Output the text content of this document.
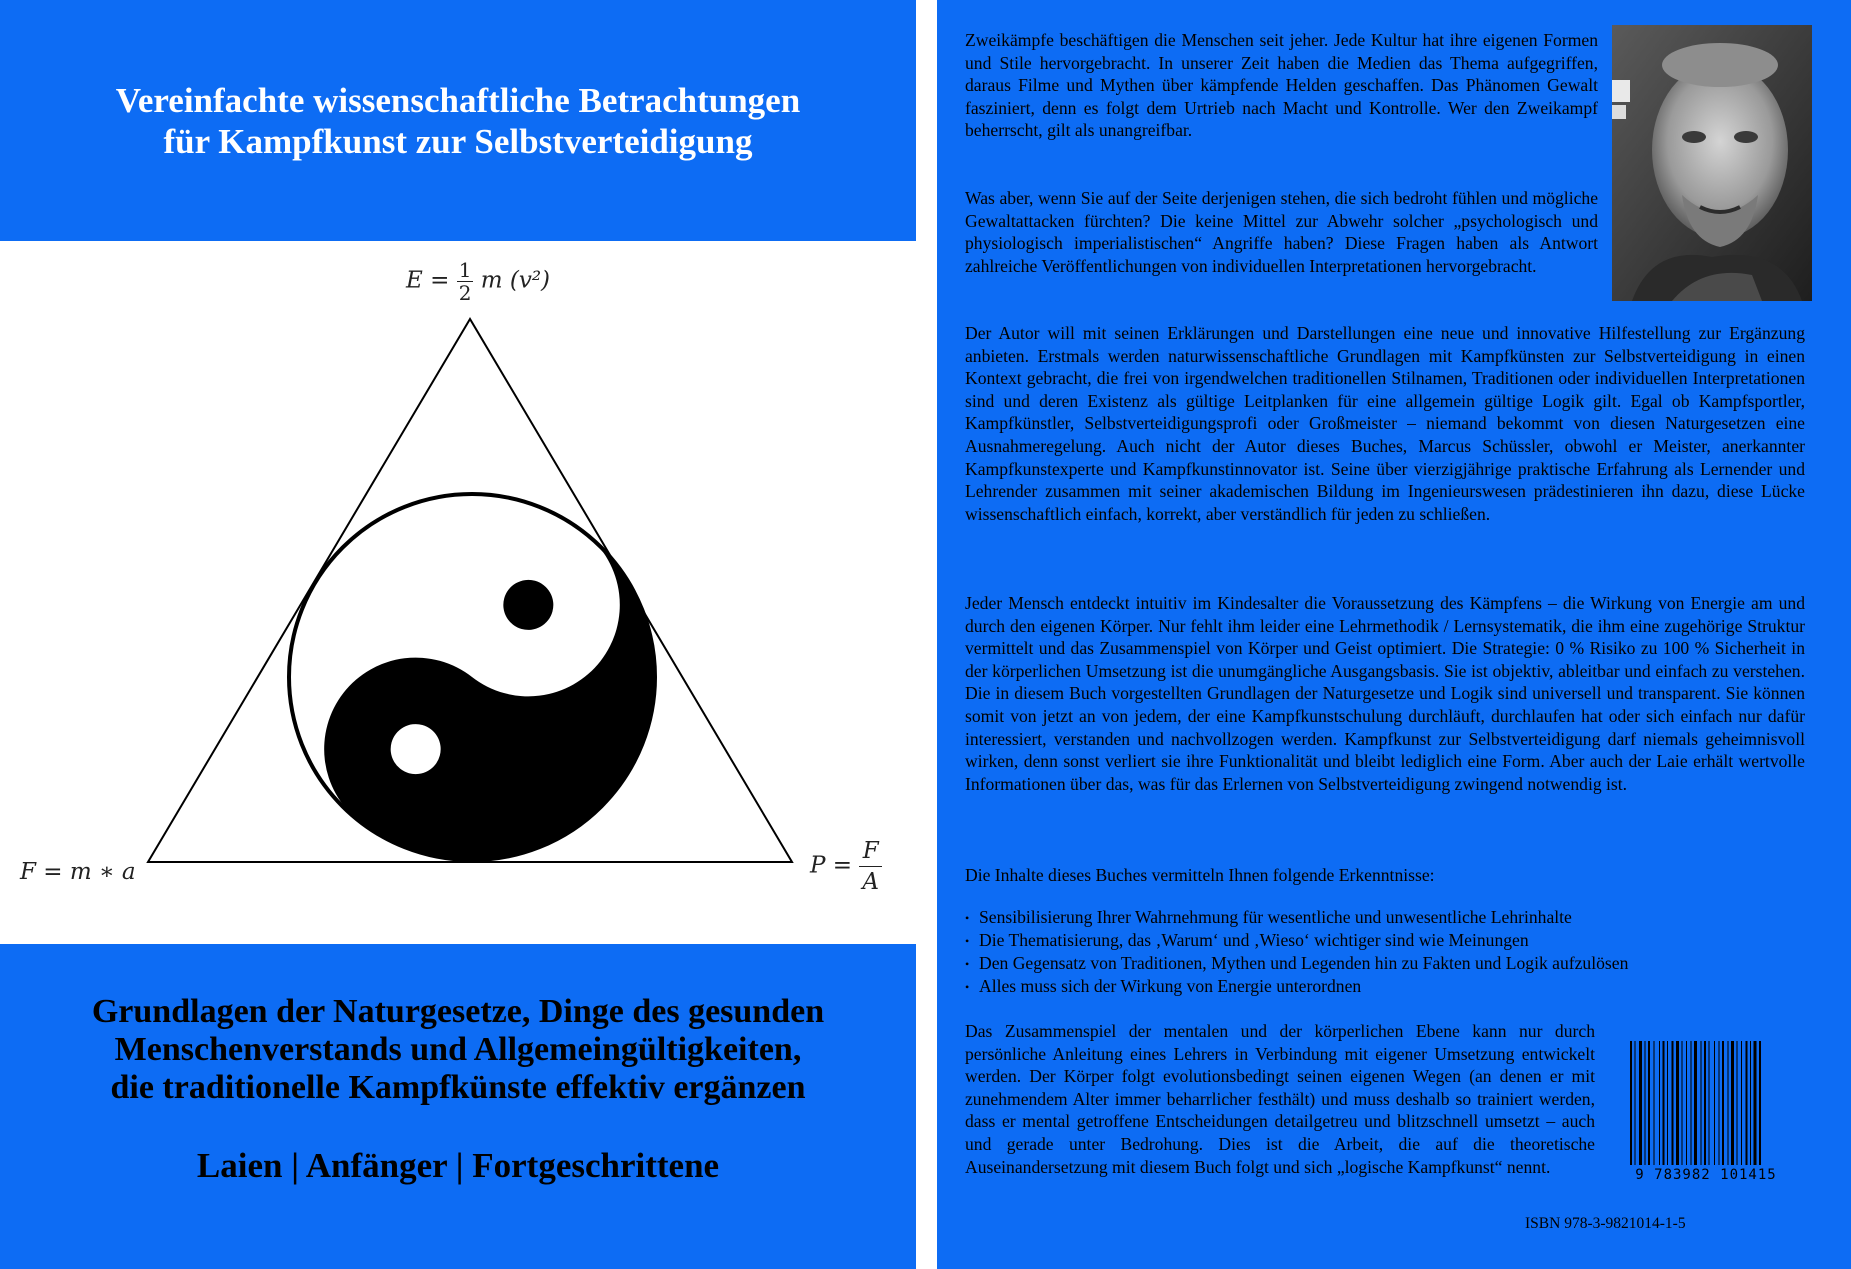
Vereinfachte wissenschaftliche Betrachtungen
für Kampfkunst zur Selbstverteidigung
$E = \frac{1}{2}$ m (v²)
F = m ∗ a	$P = \frac{F}{A}$
Grundlagen der Naturgesetze, Dinge des gesunden
Menschenverstands und Allgemeingültigkeiten,
die traditionelle Kampfkünste effektiv ergänzen
Laien | Anfänger | Fortgeschrittene

Zweikämpfe beschäftigen die Menschen seit jeher. Jede Kultur hat ihre eigenen Formen und Stile hervorgebracht. In unserer Zeit haben die Medien das Thema aufgegriffen, daraus Filme und Mythen über kämpfende Helden geschaffen. Das Phänomen Gewalt fasziniert, denn es folgt dem Urtrieb nach Macht und Kontrolle. Wer den Zweikampf beherrscht, gilt als unangreifbar.

Was aber, wenn Sie auf der Seite derjenigen stehen, die sich bedroht fühlen und mögliche Gewaltattacken fürchten? Die keine Mittel zur Abwehr solcher „psychologisch und physiologisch imperialistischen“ Angriffe haben? Diese Fragen haben als Antwort zahlreiche Veröffentlichungen von individuellen Interpretationen hervorgebracht.

Der Autor will mit seinen Erklärungen und Darstellungen eine neue und innovative Hilfestellung zur Ergänzung anbieten. Erstmals werden naturwissenschaftliche Grundlagen mit Kampfkünsten zur Selbstverteidigung in einen Kontext gebracht, die frei von irgendwelchen traditionellen Stilnamen, Traditionen oder individuellen Interpretationen sind und deren Existenz als gültige Leitplanken für eine allgemein gültige Logik gilt. Egal ob Kampfsportler, Kampfkünstler, Selbstverteidigungsprofi oder Großmeister – niemand bekommt von diesen Naturgesetzen eine Ausnahmeregelung. Auch nicht der Autor dieses Buches, Marcus Schüssler, obwohl er Meister, anerkannter Kampfkunstexperte und Kampfkunstinnovator ist. Seine über vierzigjährige praktische Erfahrung als Lernender und Lehrender zusammen mit seiner akademischen Bildung im Ingenieurswesen prädestinieren ihn dazu, diese Lücke wissenschaftlich einfach, korrekt, aber verständlich für jeden zu schließen.

Jeder Mensch entdeckt intuitiv im Kindesalter die Voraussetzung des Kämpfens – die Wirkung von Energie am und durch den eigenen Körper. Nur fehlt ihm leider eine Lehrmethodik / Lernsystematik, die ihm eine zugehörige Struktur vermittelt und das Zusammenspiel von Körper und Geist optimiert. Die Strategie: 0 % Risiko zu 100 % Sicherheit in der körperlichen Umsetzung ist die unumgängliche Ausgangsbasis. Sie ist objektiv, ableitbar und einfach zu verstehen. Die in diesem Buch vorgestellten Grundlagen der Naturgesetze und Logik sind universell und transparent. Sie können somit von jetzt an von jedem, der eine Kampfkunstschulung durchläuft, durchlaufen hat oder sich einfach nur dafür interessiert, verstanden und nachvollzogen werden. Kampfkunst zur Selbstverteidigung darf niemals geheimnisvoll wirken, denn sonst verliert sie ihre Funktionalität und bleibt lediglich eine Form. Aber auch der Laie erhält wertvolle Informationen über das, was für das Erlernen von Selbstverteidigung zwingend notwendig ist.

Die Inhalte dieses Buches vermitteln Ihnen folgende Erkenntnisse:

• Sensibilisierung Ihrer Wahrnehmung für wesentliche und unwesentliche Lehrinhalte
• Die Thematisierung, das ‚Warum‘ und ‚Wieso‘ wichtiger sind wie Meinungen
• Den Gegensatz von Traditionen, Mythen und Legenden hin zu Fakten und Logik aufzulösen
• Alles muss sich der Wirkung von Energie unterordnen

Das Zusammenspiel der mentalen und der körperlichen Ebene kann nur durch persönliche Anleitung eines Lehrers in Verbindung mit eigener Umsetzung entwickelt werden. Der Körper folgt evolutionsbedingt seinen eigenen Wegen (an denen er mit zunehmendem Alter immer beharrlicher festhält) und muss deshalb so trainiert werden, dass er mental getroffene Entscheidungen detailgetreu und blitzschnell umsetzt – auch und gerade unter Bedrohung. Dies ist die Arbeit, die auf die theoretische Auseinandersetzung mit diesem Buch folgt und sich „logische Kampfkunst“ nennt.	9 783982 101415
ISBN 978-3-9821014-1-5
